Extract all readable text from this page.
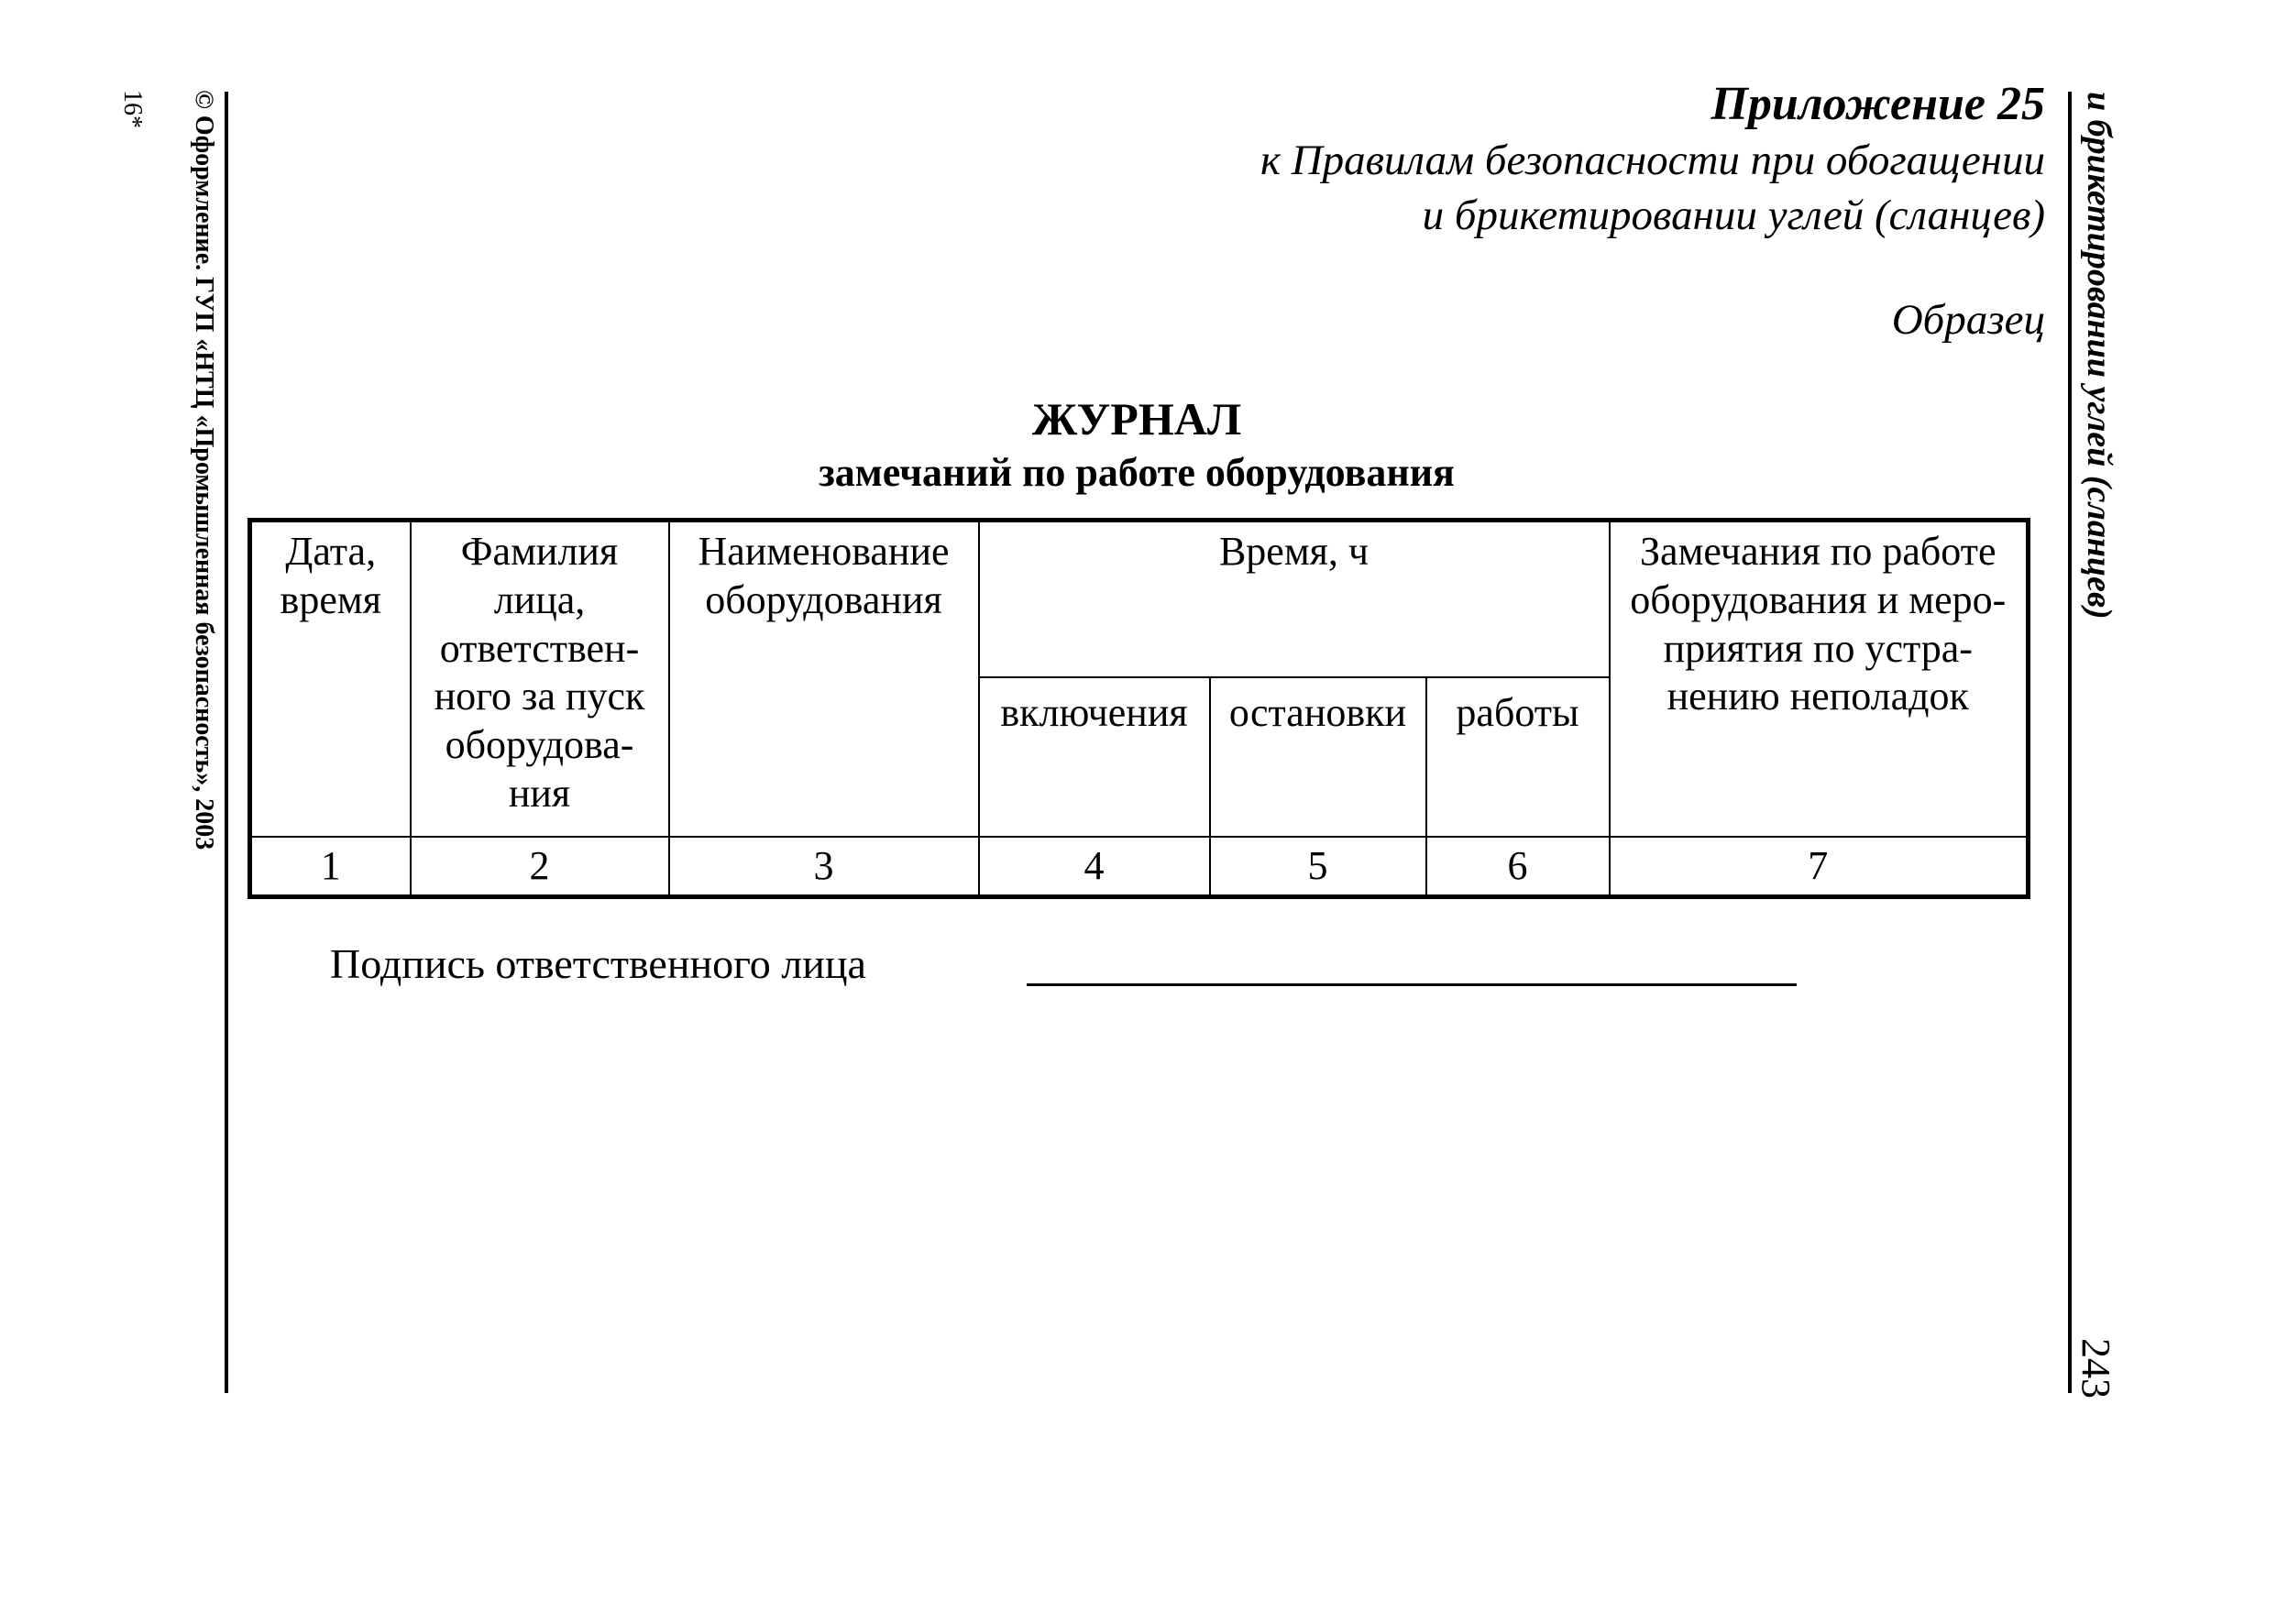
© Оформление. ГУП «НТЦ «Промышленная безопасность», 2003
16*	и брикетировании углей (сланцев)
243
Приложение 25
к Правилам безопасности при обогащении
и брикетировании углей (сланцев)
Образец
ЖУРНАЛ
замечаний по работе оборудования
Дата, время	Фамилия лица, ответствен-ного за пуск оборудова-ния	Наименование оборудования	Время, ч			Замечания по работе оборудования и меро-приятия по устра-нению неполадок
			включения	остановки	работы	
1	2	3	4	5	6	7
Подпись ответственного лица
